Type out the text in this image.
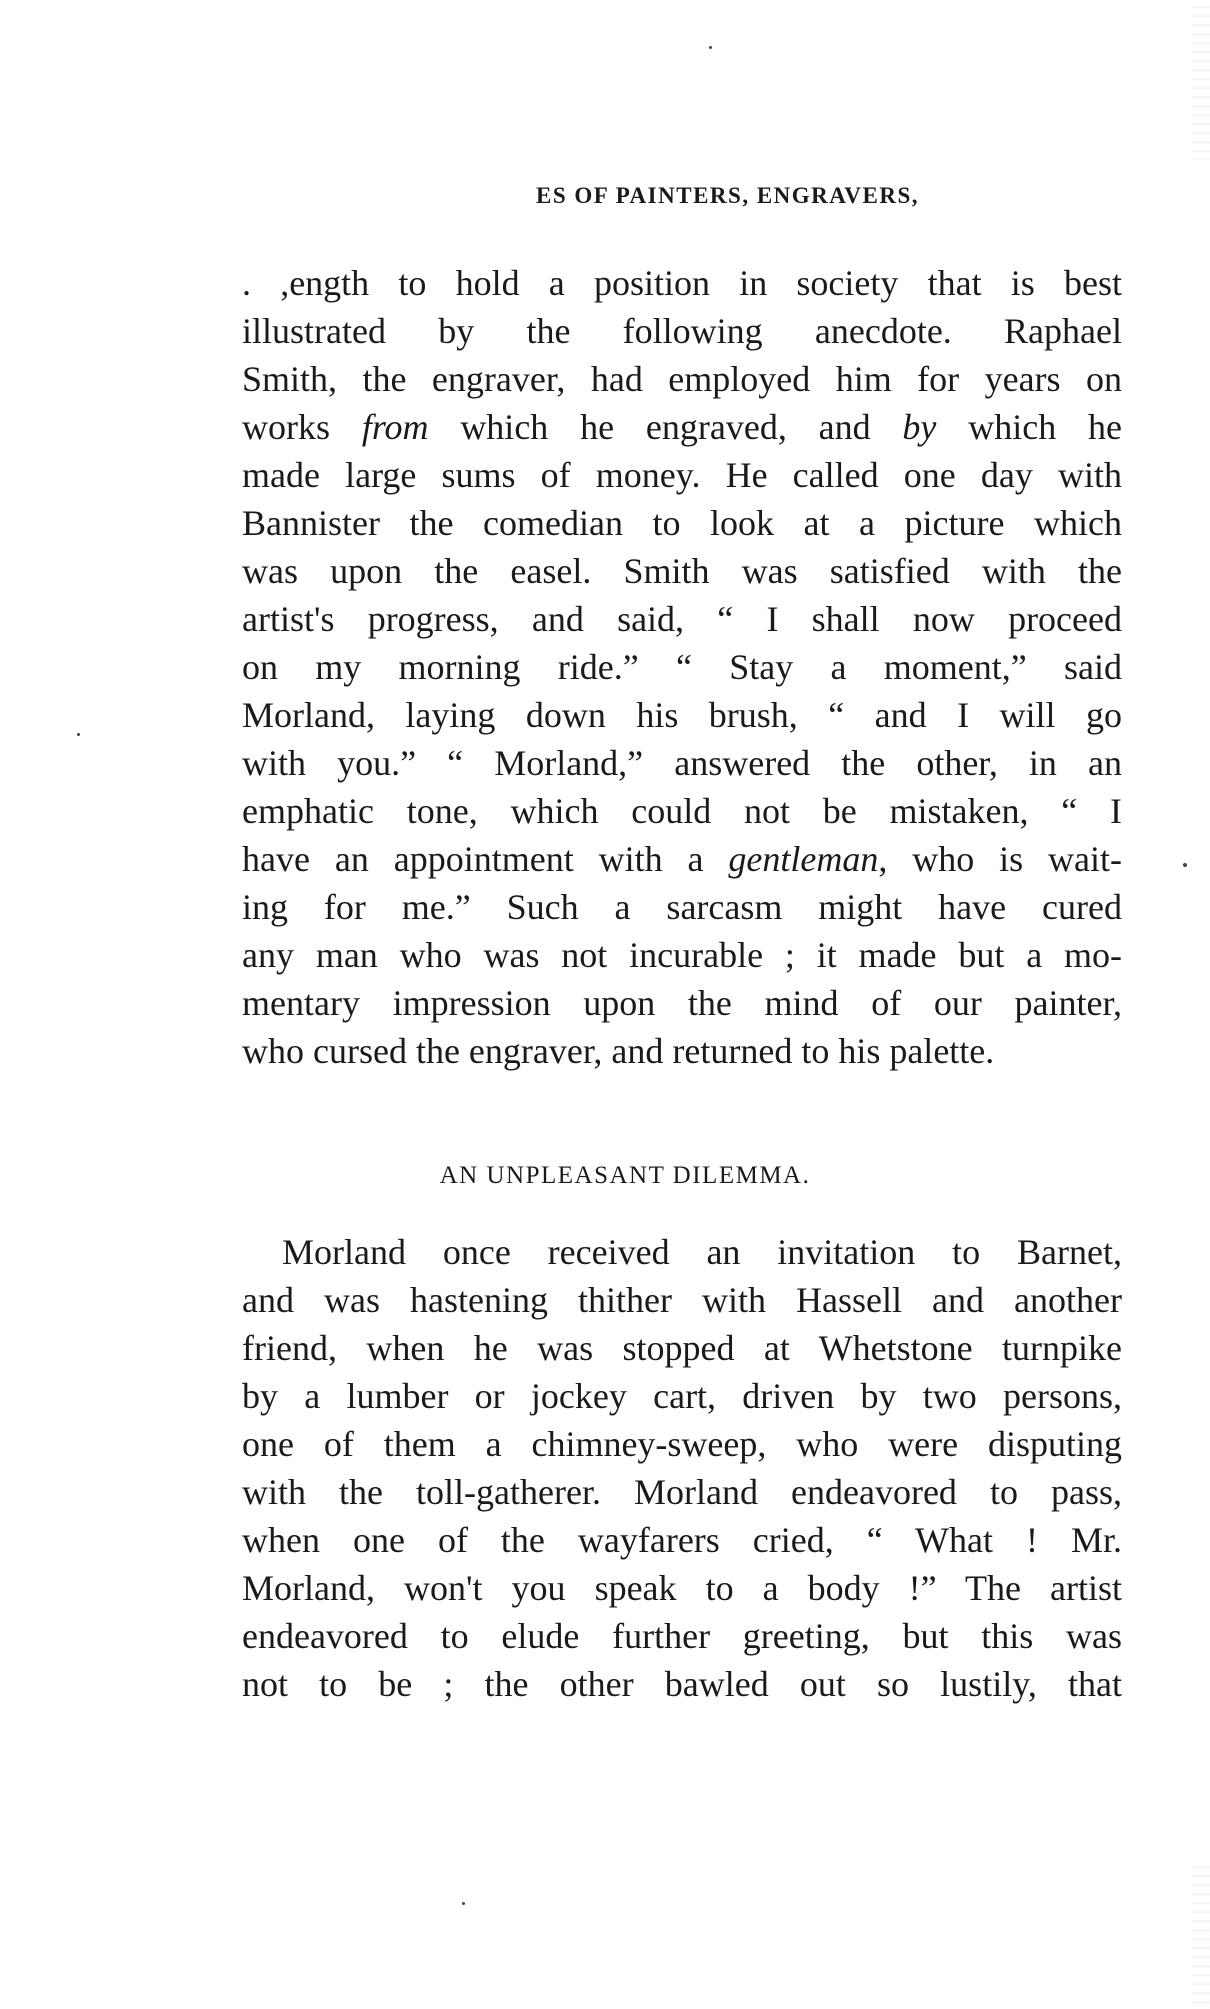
ES OF PAINTERS, ENGRAVERS,
. ,ength to hold a position in society that is best
illustrated by the following anecdote. Raphael
Smith, the engraver, had employed him for years on
works from which he engraved, and by which he
made large sums of money. He called one day with
Bannister the comedian to look at a picture which
was upon the easel. Smith was satisfied with the
artist's progress, and said, “ I shall now proceed
on my morning ride.” “ Stay a moment,” said
Morland, laying down his brush, “ and I will go
with you.” “ Morland,” answered the other, in an
emphatic tone, which could not be mistaken, “ I
have an appointment with a gentleman, who is wait-
ing for me.” Such a sarcasm might have cured
any man who was not incurable ; it made but a mo-
mentary impression upon the mind of our painter,
who cursed the engraver, and returned to his palette.
AN UNPLEASANT DILEMMA.
Morland once received an invitation to Barnet,
and was hastening thither with Hassell and another
friend, when he was stopped at Whetstone turnpike
by a lumber or jockey cart, driven by two persons,
one of them a chimney-sweep, who were disputing
with the toll-gatherer. Morland endeavored to pass,
when one of the wayfarers cried, “ What ! Mr.
Morland, won't you speak to a body !” The artist
endeavored to elude further greeting, but this was
not to be ; the other bawled out so lustily, that
